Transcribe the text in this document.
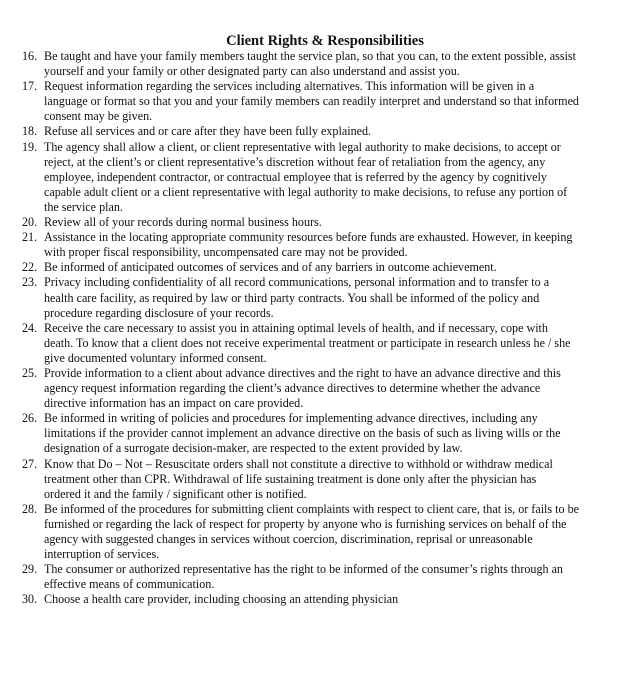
Client Rights & Responsibilities
16. Be taught and have your family members taught the service plan, so that you can, to the extent possible, assist
yourself and your family or other designated party can also understand and assist you.
17. Request information regarding the services including alternatives. This information will be given in a
language or format so that you and your family members can readily interpret and understand so that informed
consent may be given.
18. Refuse all services and or care after they have been fully explained.
19. The agency shall allow a client, or client representative with legal authority to make decisions, to accept or
reject, at the client’s or client representative’s discretion without fear of retaliation from the agency, any
employee, independent contractor, or contractual employee that is referred by the agency by cognitively
capable adult client or a client representative with legal authority to make decisions, to refuse any portion of
the service plan.
20. Review all of your records during normal business hours.
21. Assistance in the locating appropriate community resources before funds are exhausted. However, in keeping
with proper fiscal responsibility, uncompensated care may not be provided.
22. Be informed of anticipated outcomes of services and of any barriers in outcome achievement.
23. Privacy including confidentiality of all record communications, personal information and to transfer to a
health care facility, as required by law or third party contracts. You shall be informed of the policy and
procedure regarding disclosure of your records.
24. Receive the care necessary to assist you in attaining optimal levels of health, and if necessary, cope with
death. To know that a client does not receive experimental treatment or participate in research unless he / she
give documented voluntary informed consent.
25. Provide information to a client about advance directives and the right to have an advance directive and this
agency request information regarding the client’s advance directives to determine whether the advance
directive information has an impact on care provided.
26. Be informed in writing of policies and procedures for implementing advance directives, including any
limitations if the provider cannot implement an advance directive on the basis of such as living wills or the
designation of a surrogate decision-maker, are respected to the extent provided by law.
27. Know that Do – Not – Resuscitate orders shall not constitute a directive to withhold or withdraw medical
treatment other than CPR. Withdrawal of life sustaining treatment is done only after the physician has
ordered it and the family / significant other is notified.
28. Be informed of the procedures for submitting client complaints with respect to client care, that is, or fails to be
furnished or regarding the lack of respect for property by anyone who is furnishing services on behalf of the
agency with suggested changes in services without coercion, discrimination, reprisal or unreasonable
interruption of services.
29. The consumer or authorized representative has the right to be informed of the consumer’s rights through an
effective means of communication.
30. Choose a health care provider, including choosing an attending physician
